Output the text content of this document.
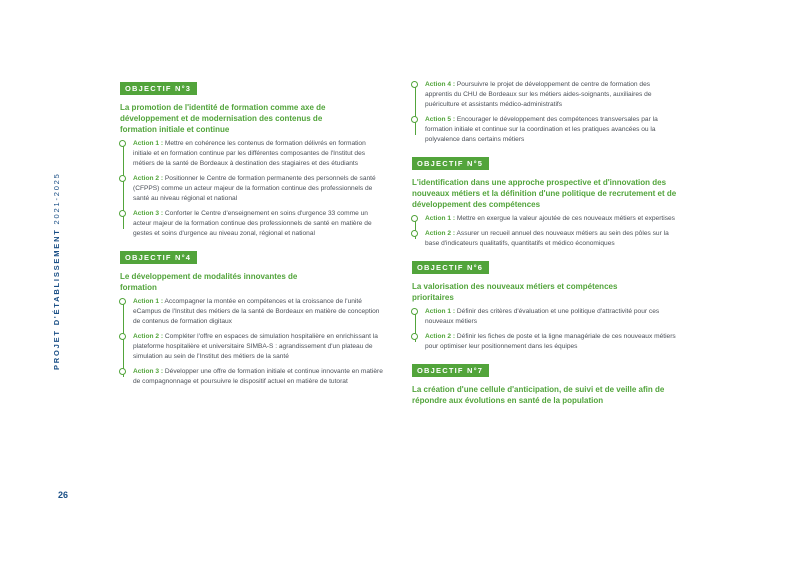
PROJET D'ÉTABLISSEMENT 2021-2025
26
OBJECTIF N°3
La promotion de l'identité de formation comme axe de développement et de modernisation des contenus de formation initiale et continue
Action 1 : Mettre en cohérence les contenus de formation délivrés en formation initiale et en formation continue par les différentes composantes de l'Institut des métiers de la santé de Bordeaux à destination des stagiaires et des étudiants
Action 2 : Positionner le Centre de formation permanente des personnels de santé (CFPPS) comme un acteur majeur de la formation continue des professionnels de santé au niveau régional et national
Action 3 : Conforter le Centre d'enseignement en soins d'urgence 33 comme un acteur majeur de la formation continue des professionnels de santé en matière de gestes et soins d'urgence au niveau zonal, régional et national
OBJECTIF N°4
Le développement de modalités innovantes de formation
Action 1 : Accompagner la montée en compétences et la croissance de l'unité eCampus de l'Institut des métiers de la santé de Bordeaux en matière de conception de contenus de formation digitaux
Action 2 : Compléter l'offre en espaces de simulation hospitalière en enrichissant la plateforme hospitalière et universitaire SIMBA-S : agrandissement d'un plateau de simulation au sein de l'Institut des métiers de la santé
Action 3 : Développer une offre de formation initiale et continue innovante en matière de compagnonnage et poursuivre le dispositif actuel en matière de tutorat
Action 4 : Poursuivre le projet de développement de centre de formation des apprentis du CHU de Bordeaux sur les métiers aides-soignants, auxiliaires de puériculture et assistants médico-administratifs
Action 5 : Encourager le développement des compétences transversales par la formation initiale et continue sur la coordination et les pratiques avancées ou la polyvalence dans certains métiers
OBJECTIF N°5
L'identification dans une approche prospective et d'innovation des nouveaux métiers et la définition d'une politique de recrutement et de développement des compétences
Action 1 : Mettre en exergue la valeur ajoutée de ces nouveaux métiers et expertises
Action 2 : Assurer un recueil annuel des nouveaux métiers au sein des pôles sur la base d'indicateurs qualitatifs, quantitatifs et médico économiques
OBJECTIF N°6
La valorisation des nouveaux métiers et compétences prioritaires
Action 1 : Définir des critères d'évaluation et une politique d'attractivité pour ces nouveaux métiers
Action 2 : Définir les fiches de poste et la ligne managériale de ces nouveaux métiers pour optimiser leur positionnement dans les équipes
OBJECTIF N°7
La création d'une cellule d'anticipation, de suivi et de veille afin de répondre aux évolutions en santé de la population
